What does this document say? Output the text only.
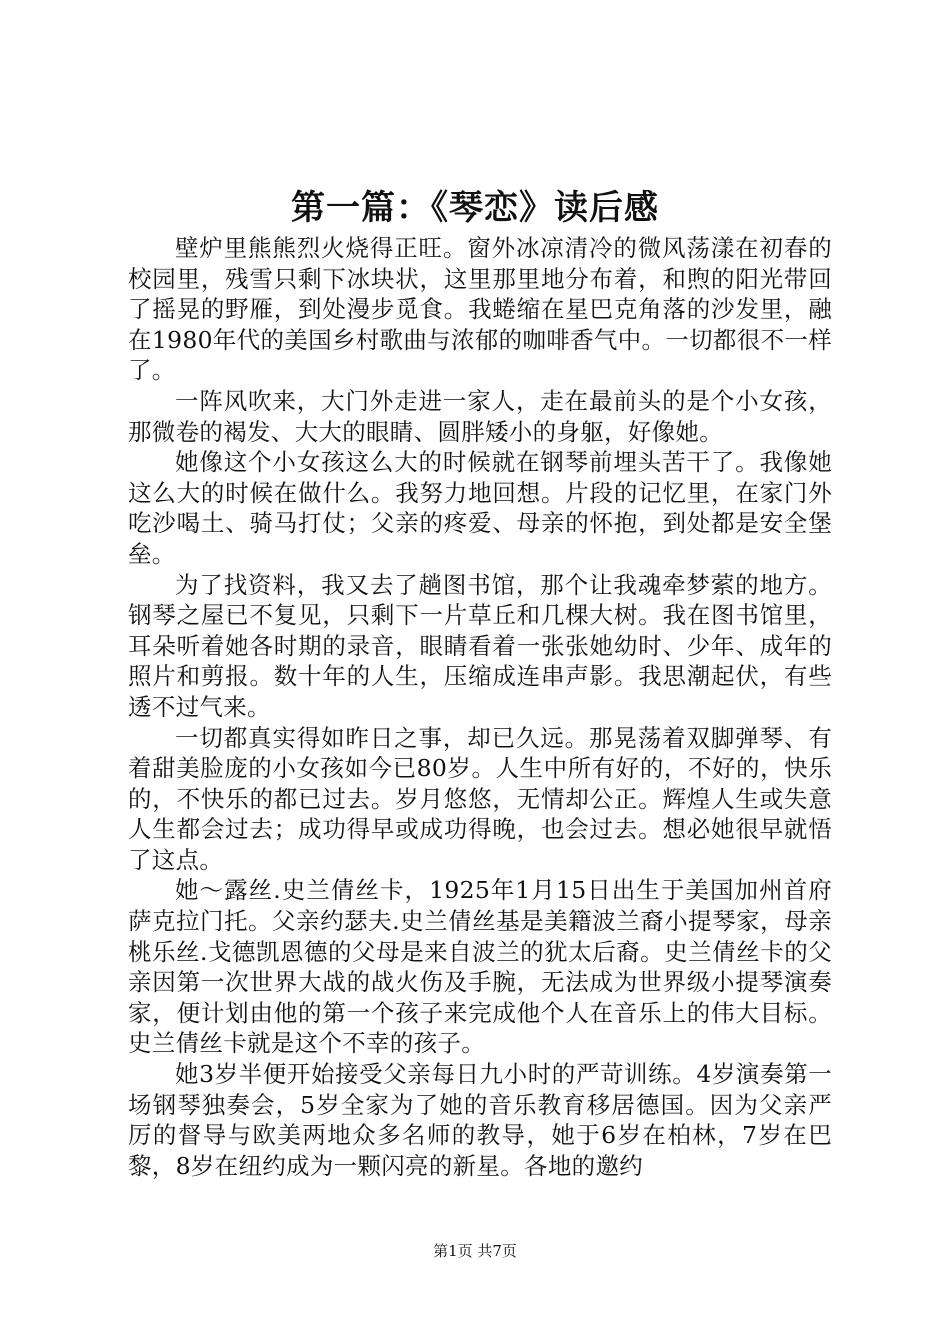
第一篇：《琴恋》读后感

壁炉里熊熊烈火烧得正旺。窗外冰凉清冷的微风荡漾在初春的校园里，残雪只剩下冰块状，这里那里地分布着，和煦的阳光带回了摇晃的野雁，到处漫步觅食。我蜷缩在星巴克角落的沙发里，融在1980年代的美国乡村歌曲与浓郁的咖啡香气中。一切都很不一样了。

一阵风吹来，大门外走进一家人，走在最前头的是个小女孩，那微卷的褐发、大大的眼睛、圆胖矮小的身躯，好像她。

她像这个小女孩这么大的时候就在钢琴前埋头苦干了。我像她这么大的时候在做什么。我努力地回想。片段的记忆里，在家门外吃沙喝土、骑马打仗；父亲的疼爱、母亲的怀抱，到处都是安全堡垒。

为了找资料，我又去了趟图书馆，那个让我魂牵梦萦的地方。钢琴之屋已不复见，只剩下一片草丘和几棵大树。我在图书馆里，耳朵听着她各时期的录音，眼睛看着一张张她幼时、少年、成年的照片和剪报。数十年的人生，压缩成连串声影。我思潮起伏，有些透不过气来。

一切都真实得如昨日之事，却已久远。那晃荡着双脚弹琴、有着甜美脸庞的小女孩如今已80岁。人生中所有好的，不好的，快乐的，不快乐的都已过去。岁月悠悠，无情却公正。辉煌人生或失意人生都会过去；成功得早或成功得晚，也会过去。想必她很早就悟了这点。

她～露丝.史兰倩丝卡，1925年1月15日出生于美国加州首府萨克拉门托。父亲约瑟夫.史兰倩丝基是美籍波兰裔小提琴家，母亲桃乐丝.戈德凯恩德的父母是来自波兰的犹太后裔。史兰倩丝卡的父亲因第一次世界大战的战火伤及手腕，无法成为世界级小提琴演奏家，便计划由他的第一个孩子来完成他个人在音乐上的伟大目标。史兰倩丝卡就是这个不幸的孩子。

她3岁半便开始接受父亲每日九小时的严苛训练。4岁演奏第一场钢琴独奏会，5岁全家为了她的音乐教育移居德国。因为父亲严厉的督导与欧美两地众多名师的教导，她于6岁在柏林，7岁在巴黎，8岁在纽约成为一颗闪亮的新星。各地的邀约

第1页 共7页
